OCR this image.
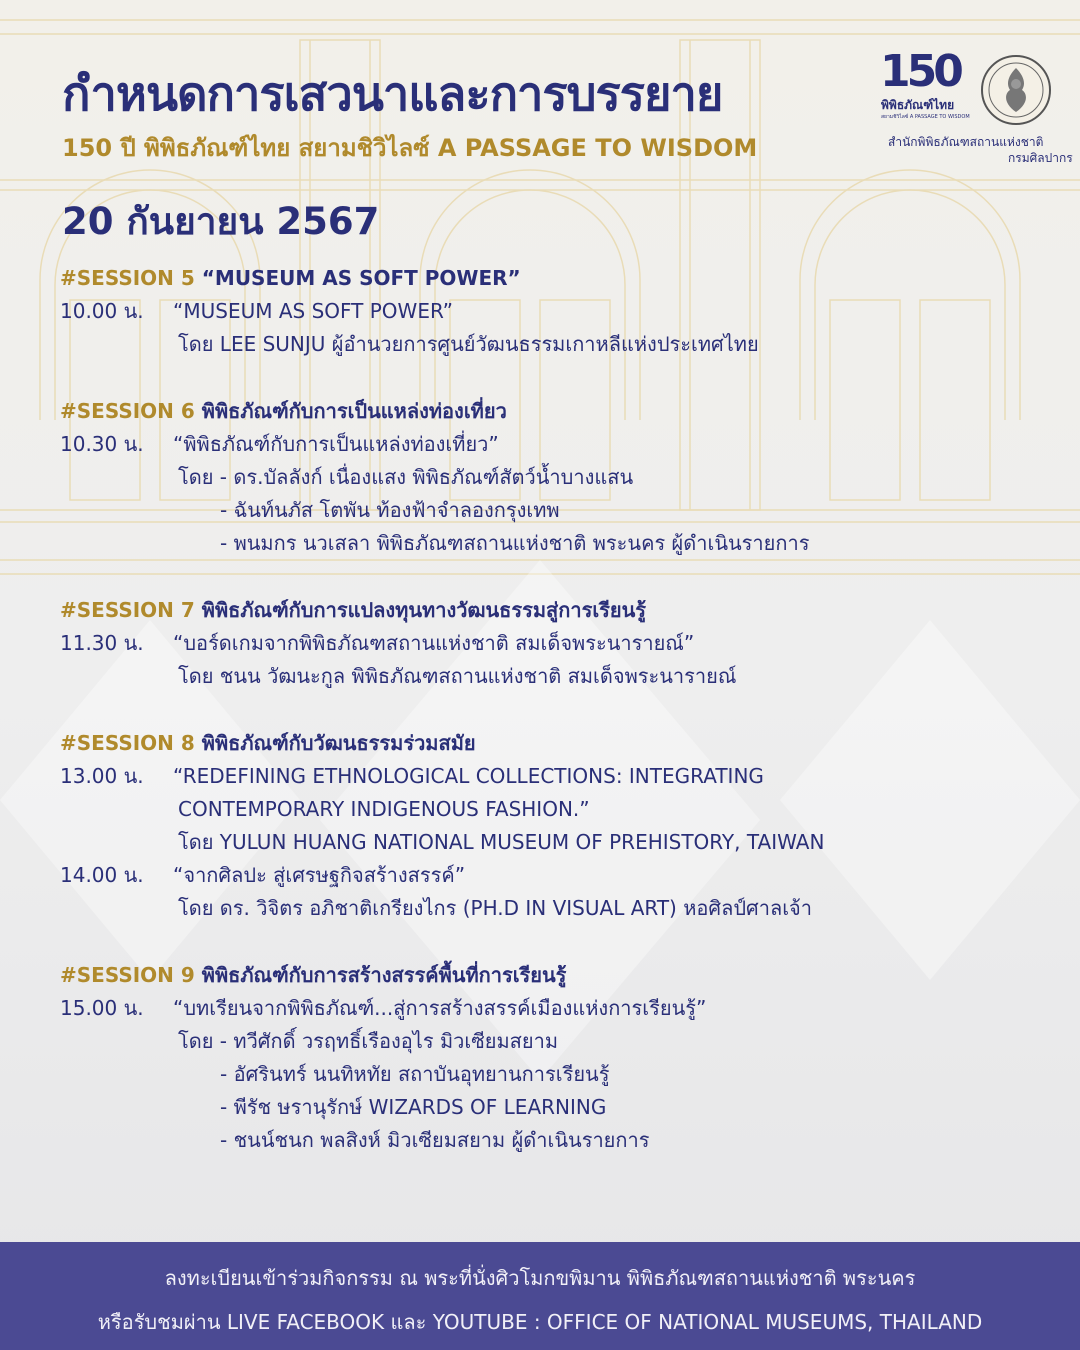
กำหนดการเสวนาและการบรรยาย
150 ปี พิพิธภัณฑ์ไทย สยามชิวิไลซ์ A PASSAGE TO WISDOM
20 กันยายน 2567
150
พิพิธภัณฑ์ไทย
สยามชิวิไลซ์ A PASSAGE TO WISDOM
สำนักพิพิธภัณฑสถานแห่งชาติ
กรมศิลปากร
#SESSION 5 “MUSEUM AS SOFT POWER”
10.00 น. “MUSEUM AS SOFT POWER”
โดย LEE SUNJU ผู้อำนวยการศูนย์วัฒนธรรมเกาหลีแห่งประเทศไทย
#SESSION 6 พิพิธภัณฑ์กับการเป็นแหล่งท่องเที่ยว
10.30 น. “พิพิธภัณฑ์กับการเป็นแหล่งท่องเที่ยว”
โดย - ดร.บัลลังก์ เนื่องแสง พิพิธภัณฑ์สัตว์น้ำบางแสน
- ฉันท์นภัส โตพัน ท้องฟ้าจำลองกรุงเทพ
- พนมกร นวเสลา พิพิธภัณฑสถานแห่งชาติ พระนคร ผู้ดำเนินรายการ
#SESSION 7 พิพิธภัณฑ์กับการแปลงทุนทางวัฒนธรรมสู่การเรียนรู้
11.30 น. “บอร์ดเกมจากพิพิธภัณฑสถานแห่งชาติ สมเด็จพระนารายณ์”
โดย ชนน วัฒนะกูล พิพิธภัณฑสถานแห่งชาติ สมเด็จพระนารายณ์
#SESSION 8 พิพิธภัณฑ์กับวัฒนธรรมร่วมสมัย
13.00 น. “REDEFINING ETHNOLOGICAL COLLECTIONS: INTEGRATING
CONTEMPORARY INDIGENOUS FASHION.”
โดย YULUN HUANG NATIONAL MUSEUM OF PREHISTORY, TAIWAN
14.00 น. “จากศิลปะ สู่เศรษฐกิจสร้างสรรค์”
โดย ดร. วิจิตร อภิชาติเกรียงไกร (PH.D IN VISUAL ART) หอศิลป์ศาลเจ้า
#SESSION 9 พิพิธภัณฑ์กับการสร้างสรรค์พื้นที่การเรียนรู้
15.00 น. “บทเรียนจากพิพิธภัณฑ์...สู่การสร้างสรรค์เมืองแห่งการเรียนรู้”
โดย - ทวีศักดิ์ วรฤทธิ์เรืองอุไร มิวเซียมสยาม
- อัศรินทร์ นนทิหทัย สถาบันอุทยานการเรียนรู้
- พีรัช ษรานุรักษ์ WIZARDS OF LEARNING
- ชนน์ชนก พลสิงห์ มิวเซียมสยาม ผู้ดำเนินรายการ
ลงทะเบียนเข้าร่วมกิจกรรม ณ พระที่นั่งศิวโมกขพิมาน พิพิธภัณฑสถานแห่งชาติ พระนคร
หรือรับชมผ่าน LIVE FACEBOOK และ YOUTUBE : OFFICE OF NATIONAL MUSEUMS, THAILAND
